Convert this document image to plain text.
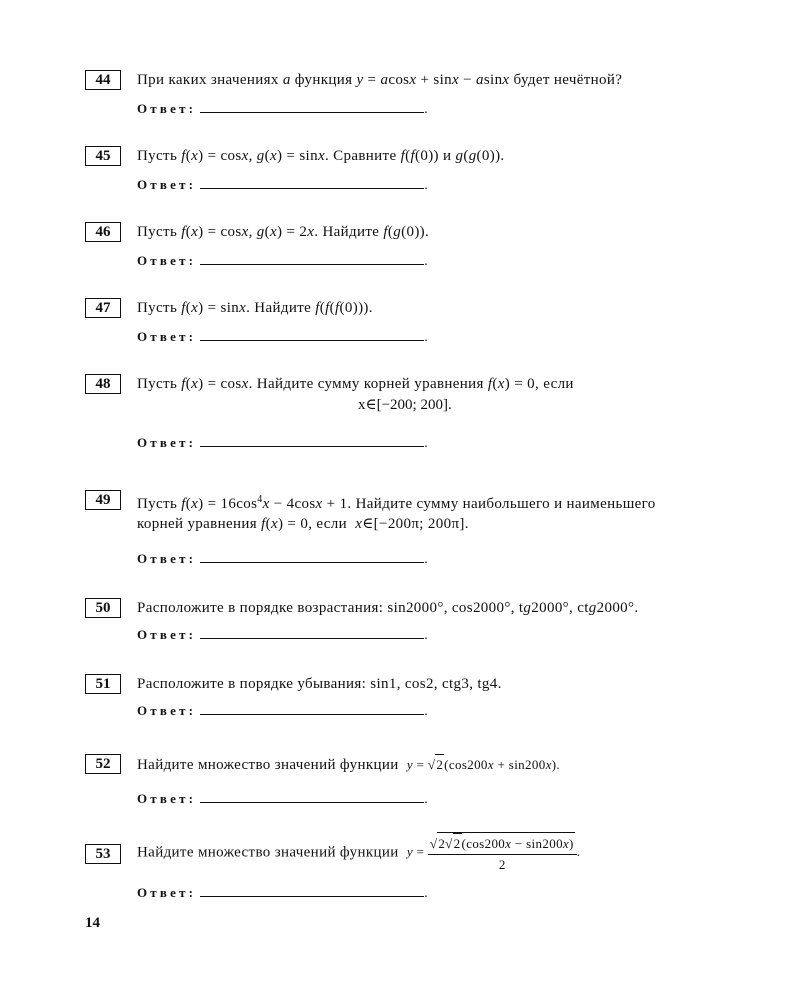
44	При каких значениях a функция y = acosx + sinx − asinx будет нечётной?
Ответ:	.
45	Пусть f(x) = cosx, g(x) = sinx. Сравните f(f(0)) и g(g(0)).
Ответ:	.
46	Пусть f(x) = cosx, g(x) = 2x. Найдите f(g(0)).
Ответ:	.
47	Пусть f(x) = sinx. Найдите f(f(f(0))).
Ответ:	.
48	Пусть f(x) = cosx. Найдите сумму корней уравнения f(x) = 0, если
x∈[−200; 200].
Ответ:	.
49	Пусть $f(x) = 16\cos^4x - 4\cos x + 1$. Найдите сумму наибольшего и наименьшего
корней уравнения f(x) = 0, если  x∈[−200π; 200π].
Ответ:	.
50	Расположите в порядке возрастания: sin2000°, cos2000°, tg2000°, ctg2000°.
Ответ:	.
51	Расположите в порядке убывания: sin1, cos2, ctg3, tg4.
Ответ:	.
52	Найдите множество значений функции  y = √2(cos200x + sin200x).
Ответ:	.
53	Найдите множество значений функции  $y = \frac{√2√2(\cos 200x - \sin 200x)}{2}$ .
Ответ:	.
14
